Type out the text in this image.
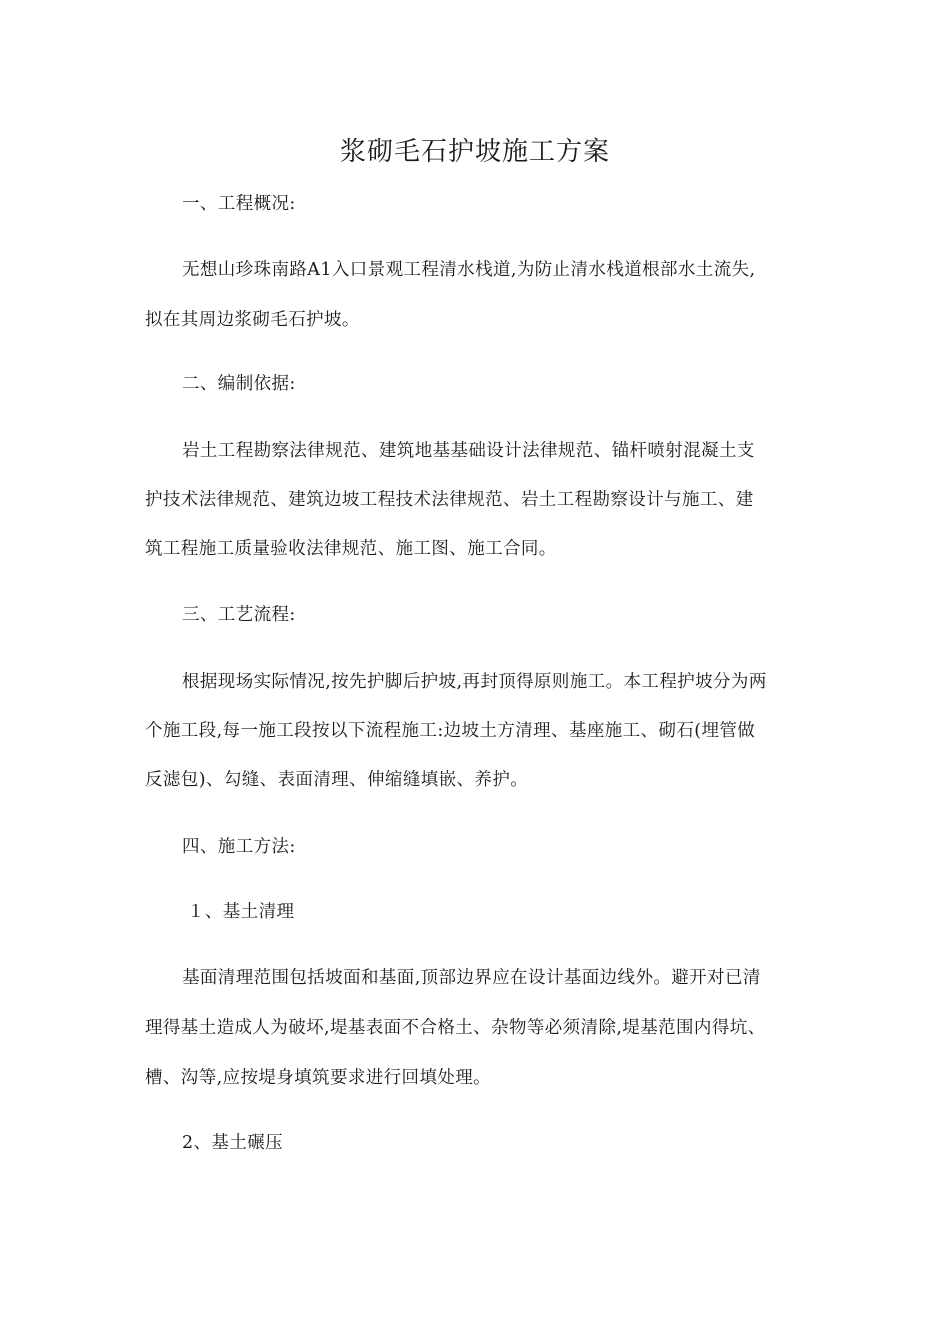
浆砌毛石护坡施工方案
一、工程概况:
无想山珍珠南路A1入口景观工程清水栈道,为防止清水栈道根部水土流失,
拟在其周边浆砌毛石护坡。
二、编制依据:
岩土工程勘察法律规范、建筑地基基础设计法律规范、锚杆喷射混凝土支
护技术法律规范、建筑边坡工程技术法律规范、岩土工程勘察设计与施工、建
筑工程施工质量验收法律规范、施工图、施工合同。
三、工艺流程:
根据现场实际情况,按先护脚后护坡,再封顶得原则施工。本工程护坡分为两
个施工段,每一施工段按以下流程施工:边坡土方清理、基座施工、砌石(埋管做
反滤包)、勾缝、表面清理、伸缩缝填嵌、养护。
四、施工方法:
１、基土清理
基面清理范围包括坡面和基面,顶部边界应在设计基面边线外。避开对已清
理得基土造成人为破坏,堤基表面不合格土、杂物等必须清除,堤基范围内得坑、
槽、沟等,应按堤身填筑要求进行回填处理。
2、基土碾压
